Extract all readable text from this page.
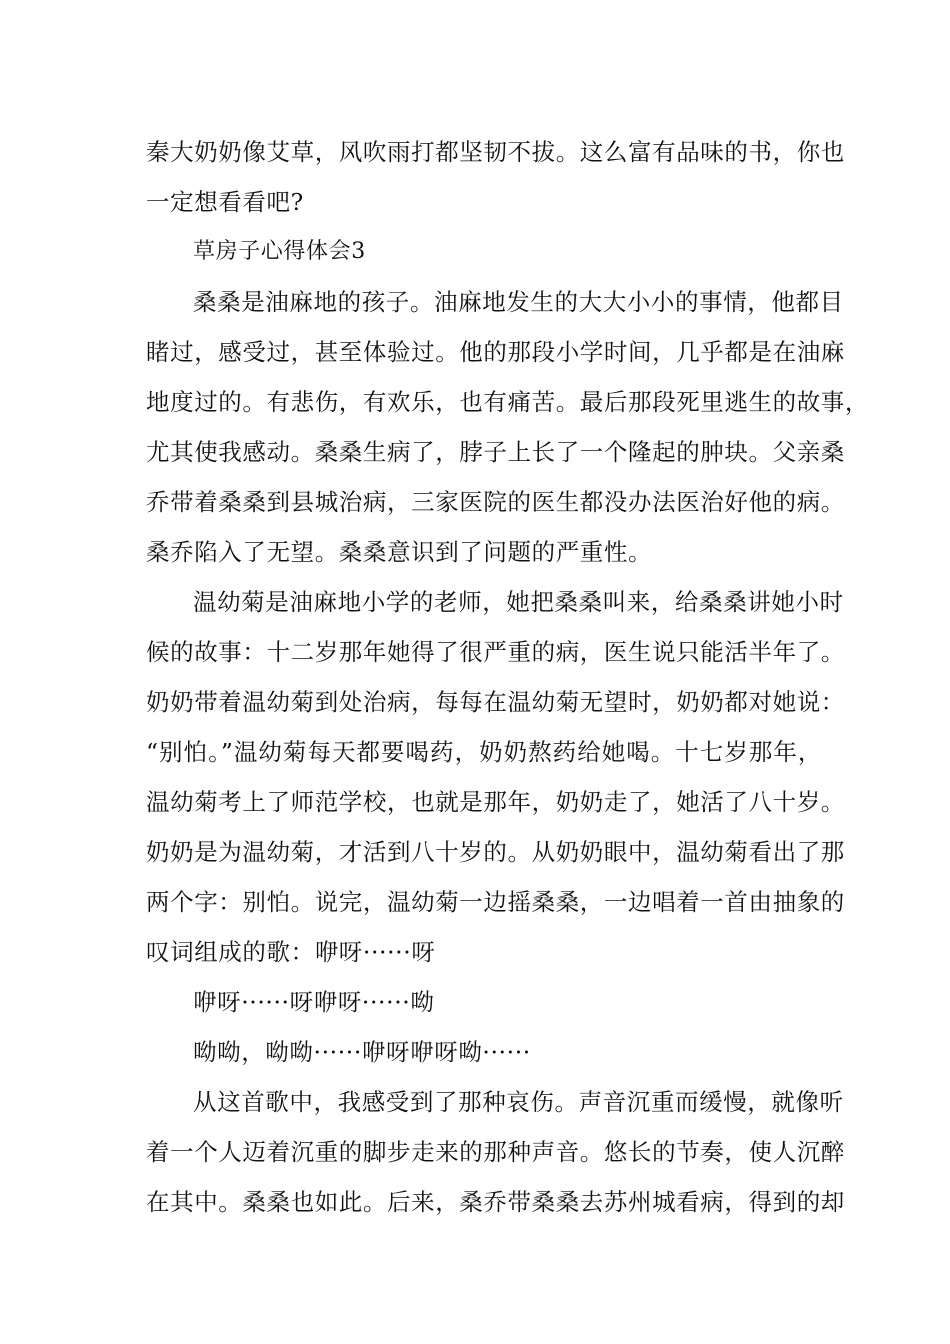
秦大奶奶像艾草，风吹雨打都坚韧不拔。这么富有品味的书，你也
一定想看看吧?
草房子心得体会3
桑桑是油麻地的孩子。油麻地发生的大大小小的事情，他都目
睹过，感受过，甚至体验过。他的那段小学时间，几乎都是在油麻
地度过的。有悲伤，有欢乐，也有痛苦。最后那段死里逃生的故事，
尤其使我感动。桑桑生病了，脖子上长了一个隆起的肿块。父亲桑
乔带着桑桑到县城治病，三家医院的医生都没办法医治好他的病。
桑乔陷入了无望。桑桑意识到了问题的严重性。
温幼菊是油麻地小学的老师，她把桑桑叫来，给桑桑讲她小时
候的故事：十二岁那年她得了很严重的病，医生说只能活半年了。
奶奶带着温幼菊到处治病，每每在温幼菊无望时，奶奶都对她说：
“别怕。”温幼菊每天都要喝药，奶奶熬药给她喝。十七岁那年，
温幼菊考上了师范学校，也就是那年，奶奶走了，她活了八十岁。
奶奶是为温幼菊，才活到八十岁的。从奶奶眼中，温幼菊看出了那
两个字：别怕。说完，温幼菊一边摇桑桑，一边唱着一首由抽象的
叹词组成的歌：咿呀······呀
咿呀······呀咿呀······呦
呦呦，呦呦······咿呀咿呀呦······
从这首歌中，我感受到了那种哀伤。声音沉重而缓慢，就像听
着一个人迈着沉重的脚步走来的那种声音。悠长的节奏，使人沉醉
在其中。桑桑也如此。后来，桑乔带桑桑去苏州城看病，得到的却
